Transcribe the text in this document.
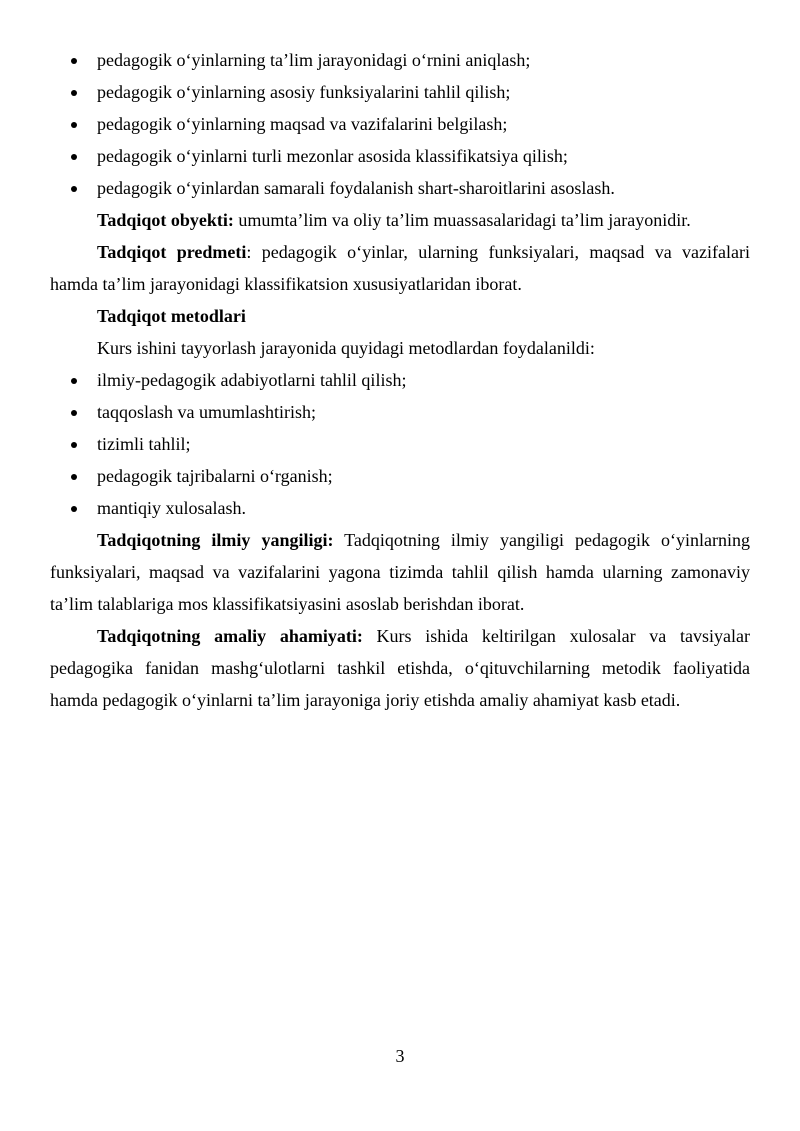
pedagogik o‘yinlarning ta’lim jarayonidagi o‘rnini aniqlash;
pedagogik o‘yinlarning asosiy funksiyalarini tahlil qilish;
pedagogik o‘yinlarning maqsad va vazifalarini belgilash;
pedagogik o‘yinlarni turli mezonlar asosida klassifikatsiya qilish;
pedagogik o‘yinlardan samarali foydalanish shart-sharoitlarini asoslash.
Tadqiqot obyekti: umumta’lim va oliy ta’lim muassasalaridagi ta’lim jarayonidir.
Tadqiqot predmeti: pedagogik o‘yinlar, ularning funksiyalari, maqsad va vazifalari
hamda ta’lim jarayonidagi klassifikatsion xususiyatlaridan iborat.
Tadqiqot metodlari
Kurs ishini tayyorlash jarayonida quyidagi metodlardan foydalanildi:
ilmiy-pedagogik adabiyotlarni tahlil qilish;
taqqoslash va umumlashtirish;
tizimli tahlil;
pedagogik tajribalarni o‘rganish;
mantiqiy xulosalash.
Tadqiqotning ilmiy yangiligi: Tadqiqotning ilmiy yangiligi pedagogik o‘yinlarning
funksiyalari, maqsad va vazifalarini yagona tizimda tahlil qilish hamda ularning zamonaviy
ta’lim talablariga mos klassifikatsiyasini asoslab berishdan iborat.
Tadqiqotning amaliy ahamiyati: Kurs ishida keltirilgan xulosalar va tavsiyalar
pedagogika fanidan mashg‘ulotlarni tashkil etishda, o‘qituvchilarning metodik faoliyatida
hamda pedagogik o‘yinlarni ta’lim jarayoniga joriy etishda amaliy ahamiyat kasb etadi.
3
